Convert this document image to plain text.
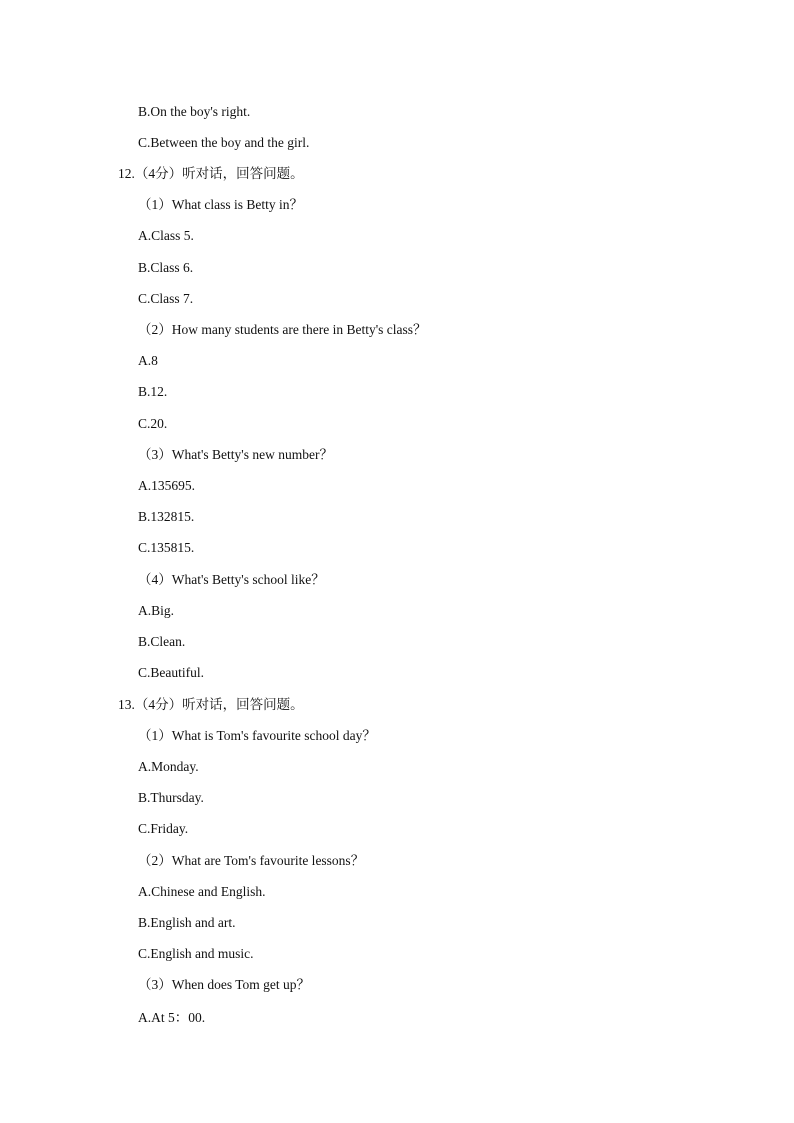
B.On the boy's right.
C.Between the boy and the girl.
12.（4分）听对话，回答问题。
（1）What class is Betty in？
A.Class 5.
B.Class 6.
C.Class 7.
（2）How many students are there in Betty's class？
A.8
B.12.
C.20.
（3）What's Betty's new number？
A.135695.
B.132815.
C.135815.
（4）What's Betty's school like？
A.Big.
B.Clean.
C.Beautiful.
13.（4分）听对话，回答问题。
（1）What is Tom's favourite school day？
A.Monday.
B.Thursday.
C.Friday.
（2）What are Tom's favourite lessons？
A.Chinese and English.
B.English and art.
C.English and music.
（3）When does Tom get up？
A.At 5：00.
